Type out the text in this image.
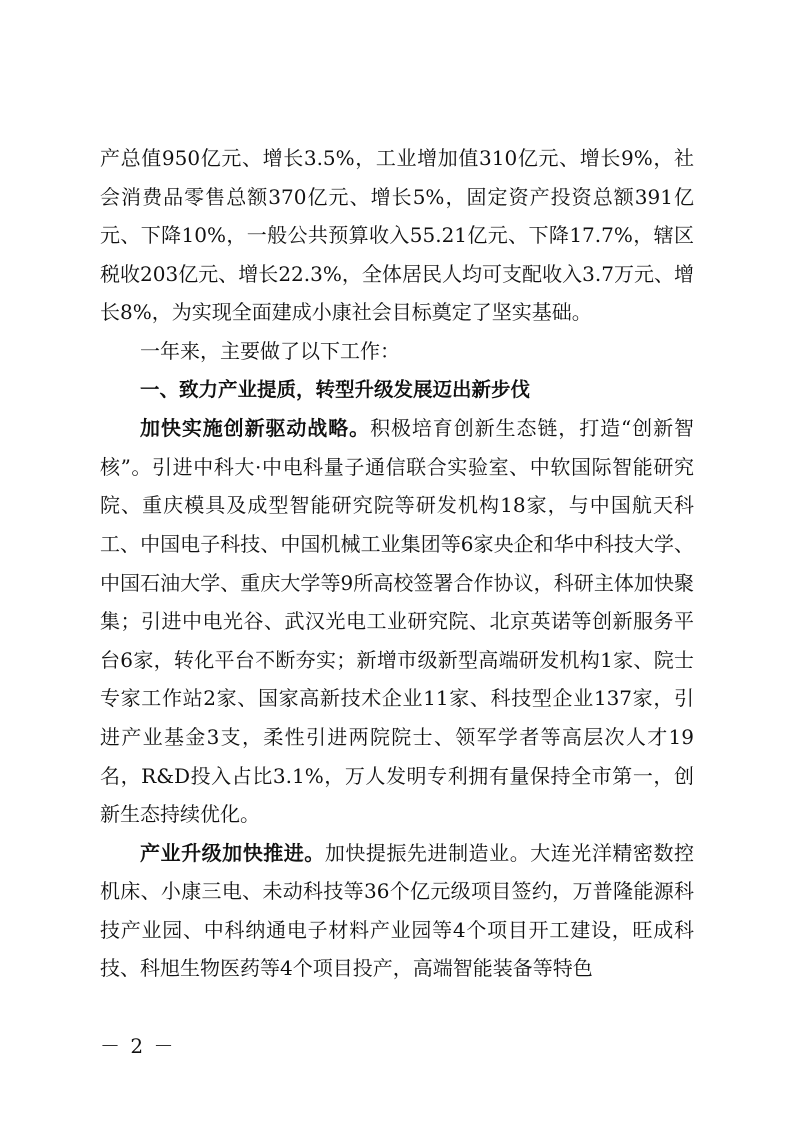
产总值950亿元、增长3.5%，工业增加值310亿元、增长9%，社会消费品零售总额370亿元、增长5%，固定资产投资总额391亿元、下降10%，一般公共预算收入55.21亿元、下降17.7%，辖区税收203亿元、增长22.3%，全体居民人均可支配收入3.7万元、增长8%，为实现全面建成小康社会目标奠定了坚实基础。

一年来，主要做了以下工作：

一、致力产业提质，转型升级发展迈出新步伐

加快实施创新驱动战略。积极培育创新生态链，打造“创新智核”。引进中科大·中电科量子通信联合实验室、中软国际智能研究院、重庆模具及成型智能研究院等研发机构18家，与中国航天科工、中国电子科技、中国机械工业集团等6家央企和华中科技大学、中国石油大学、重庆大学等9所高校签署合作协议，科研主体加快聚集；引进中电光谷、武汉光电工业研究院、北京英诺等创新服务平台6家，转化平台不断夯实；新增市级新型高端研发机构1家、院士专家工作站2家、国家高新技术企业11家、科技型企业137家，引进产业基金3支，柔性引进两院院士、领军学者等高层次人才19名，R&D投入占比3.1%，万人发明专利拥有量保持全市第一，创新生态持续优化。

产业升级加快推进。加快提振先进制造业。大连光洋精密数控机床、小康三电、未动科技等36个亿元级项目签约，万普隆能源科技产业园、中科纳通电子材料产业园等4个项目开工建设，旺成科技、科旭生物医药等4个项目投产，高端智能装备等特色

－ 2 －
